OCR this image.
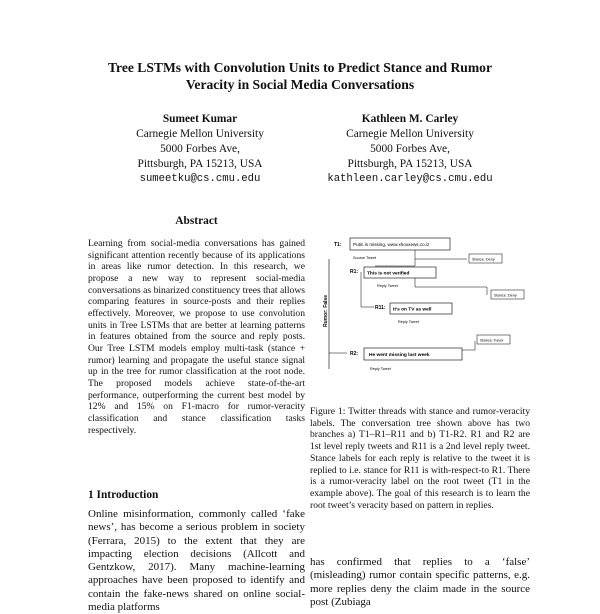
Tree LSTMs with Convolution Units to Predict Stance and Rumor
Veracity in Social Media Conversations
Sumeet Kumar
Carnegie Mellon University
5000 Forbes Ave,
Pittsburgh, PA 15213, USA
sumeetku@cs.cmu.edu
Kathleen M. Carley
Carnegie Mellon University
5000 Forbes Ave,
Pittsburgh, PA 15213, USA
kathleen.carley@cs.cmu.edu
Abstract
Learning from social-media conversations has gained significant attention recently because of its applications in areas like rumor detection. In this research, we propose a new way to represent social-media conversations as binarized constituency trees that allows comparing features in source-posts and their replies effectively. Moreover, we propose to use convolution units in Tree LSTMs that are better at learning patterns in features obtained from the source and reply posts. Our Tree LSTM models employ multi-task (stance + rumor) learning and propagate the useful stance signal up in the tree for rumor classification at the root node. The proposed models achieve state-of-the-art performance, outperforming the current best model by 12% and 15% on F1-macro for rumor-veracity classification and stance classification tasks respectively.
1 Introduction
Online misinformation, commonly called ‘fake news’, has become a serious problem in society (Ferrara, 2015) to the extent that they are impacting election decisions (Allcott and Gentzkow, 2017). Many machine-learning approaches have been proposed to identify and contain the fake-news shared on online social-media platforms
Rumor: False
T1:	Putin is missing, www.xhoxxews.co.iz
Source Tweet	Stance: Deny
R1: This is not verified
Reply Tweet
Stance: Deny
R11: It's on TV as well
Reply Tweet
Stance: Favor
R2: He went missing last week
Reply Tweet
Figure 1: Twitter threads with stance and rumor-veracity labels. The conversation tree shown above has two branches a) T1–R1–R11 and b) T1-R2. R1 and R2 are 1st level reply tweets and R11 is a 2nd level reply tweet. Stance labels for each reply is relative to the tweet it is replied to i.e. stance for R11 is with-respect-to R1. There is a rumor-veracity label on the root tweet (T1 in the example above). The goal of this research is to learn the root tweet’s veracity based on pattern in replies.
has confirmed that replies to a ‘false’ (misleading) rumor contain specific patterns, e.g. more replies deny the claim made in the source post (Zubiaga
